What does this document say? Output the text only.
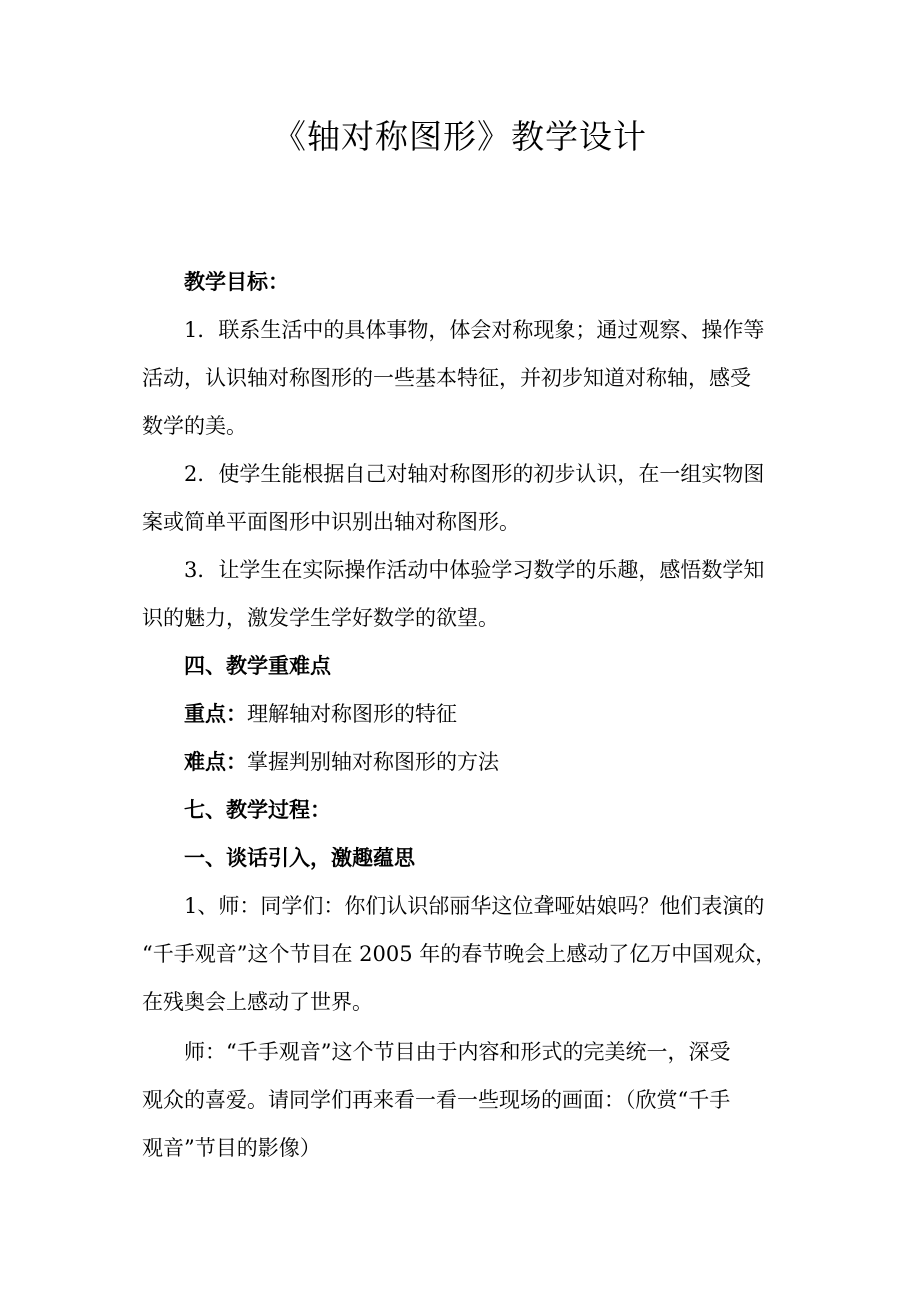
《轴对称图形》教学设计
教学目标：
1．联系生活中的具体事物，体会对称现象；通过观察、操作等
活动，认识轴对称图形的一些基本特征，并初步知道对称轴，感受
数学的美。
2．使学生能根据自己对轴对称图形的初步认识，在一组实物图
案或简单平面图形中识别出轴对称图形。
3．让学生在实际操作活动中体验学习数学的乐趣，感悟数学知
识的魅力，激发学生学好数学的欲望。
四、教学重难点
重点：理解轴对称图形的特征
难点：掌握判别轴对称图形的方法
七、教学过程：
一、谈话引入，激趣蕴思
1、师：同学们：你们认识邰丽华这位聋哑姑娘吗？他们表演的
“千手观音”这个节目在 2005 年的春节晚会上感动了亿万中国观众，
在残奥会上感动了世界。
师：“千手观音”这个节目由于内容和形式的完美统一，深受
观众的喜爱。请同学们再来看一看一些现场的画面：（欣赏“千手
观音”节目的影像）
